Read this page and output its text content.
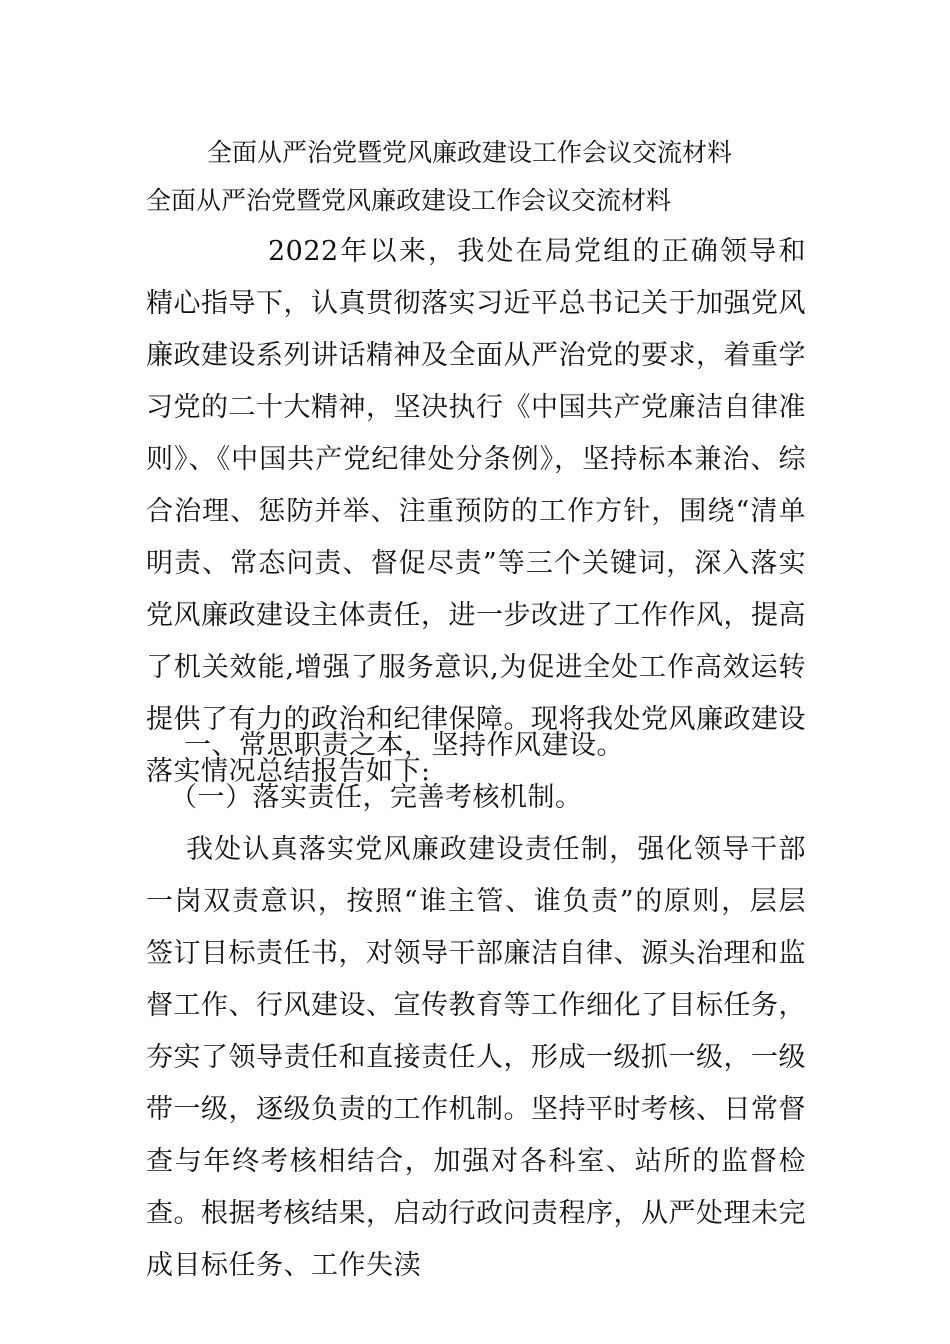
全面从严治党暨党风廉政建设工作会议交流材料
全面从严治党暨党风廉政建设工作会议交流材料
2022年以来，我处在局党组的正确领导和精心指导下，认真贯彻落实习近平总书记关于加强党风廉政建设系列讲话精神及全面从严治党的要求，着重学习党的二十大精神，坚决执行《中国共产党廉洁自律准则》、《中国共产党纪律处分条例》，坚持标本兼治、综合治理、惩防并举、注重预防的工作方针，围绕“清单明责、常态问责、督促尽责”等三个关键词，深入落实党风廉政建设主体责任，进一步改进了工作作风，提高了机关效能,增强了服务意识,为促进全处工作高效运转提供了有力的政治和纪律保障。现将我处党风廉政建设落实情况总结报告如下:
一、常思职责之本，坚持作风建设。
（一）落实责任，完善考核机制。
我处认真落实党风廉政建设责任制，强化领导干部一岗双责意识，按照“谁主管、谁负责”的原则，层层签订目标责任书，对领导干部廉洁自律、源头治理和监督工作、行风建设、宣传教育等工作细化了目标任务，夯实了领导责任和直接责任人，形成一级抓一级，一级带一级，逐级负责的工作机制。坚持平时考核、日常督查与年终考核相结合，加强对各科室、站所的监督检查。根据考核结果，启动行政问责程序，从严处理未完成目标任务、工作失渎
